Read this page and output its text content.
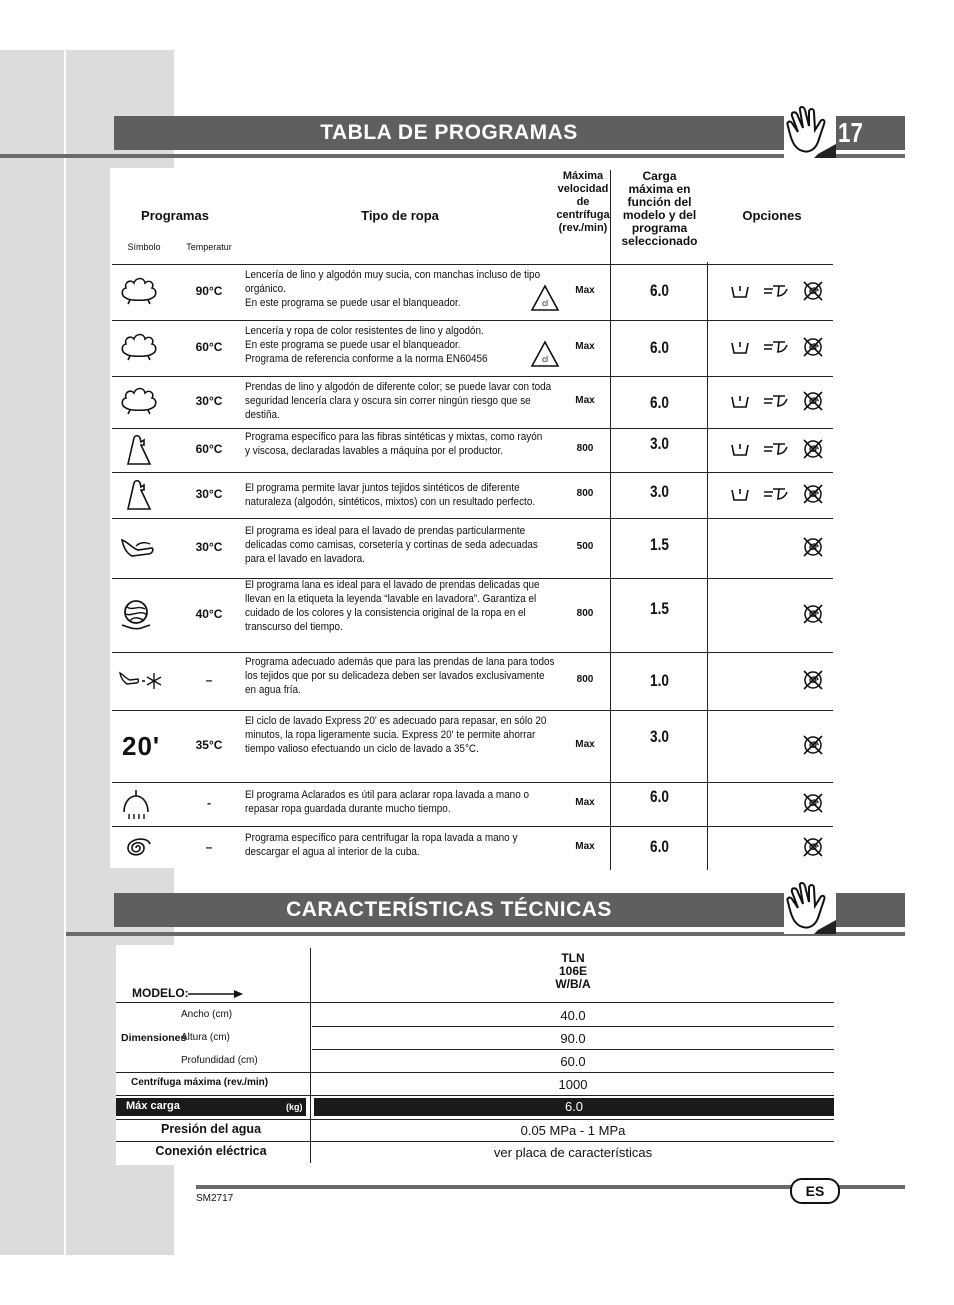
TABLA DE PROGRAMAS	17
Programas
Símbolo	Temperatur
Tipo de ropa
Máxima
velocidad
de
centrífuga
(rev./min)
Carga
máxima en
función del
modelo y del
programa
seleccionado
Opciones
90°C
Lencería de lino y algodón muy sucia, con manchas incluso de tipo
orgánico.
En este programa se puede usar el blanqueador.	cl
Max	6.0
60°C
Lencería y ropa de color resistentes de lino y algodón.
En este programa se puede usar el blanqueador.
Programa de referencia conforme a la norma EN60456	cl
Max	6.0
30°C
Prendas de lino y algodón de diferente color; se puede lavar con toda
seguridad lencería clara y oscura sin correr ningún riesgo que se
destiña.
Max	6.0
60°C
Programa específico para las fibras sintéticas y mixtas, como rayón
y viscosa, declaradas lavables a máquina por el productor.	800	3.0
30°C	El programa permite lavar juntos tejidos sintéticos de diferente
naturaleza (algodón, sintéticos, mixtos) con un resultado perfecto.
800	3.0
30°C
El programa es ideal para el lavado de prendas particularmente
delicadas como camisas, corsetería y cortinas de seda adecuadas
para el lavado en lavadora.
500	1.5
40°C
El programa lana es ideal para el lavado de prendas delicadas que
llevan en la etiqueta la leyenda “lavable en lavadora”. Garantiza el
cuidado de los colores y la consistencia original de la ropa en el
transcurso del tiempo.
800	1.5
–
Programa adecuado además que para las prendas de lana para todos
los tejidos que por su delicadeza deben ser lavados exclusivamente
en agua fría.
800	1.0
20'	35°C
El ciclo de lavado Express 20' es adecuado para repasar, en sólo 20
minutos, la ropa ligeramente sucia. Express 20' te permite ahorrar
tiempo valioso efectuando un ciclo de lavado a 35°C.	Max	3.0
-
El programa Aclarados es útil para aclarar ropa lavada a mano o
repasar ropa guardada durante mucho tiempo.
Max	6.0
–
Programa específico para centrifugar la ropa lavada a mano y
descargar el agua al interior de la cuba.	Max	6.0
CARACTERÍSTICAS TÉCNICAS
MODELO:
TLN
106E
W/B/A
Dimensiones
Ancho (cm)	40.0
Altura (cm)	90.0
Profundidad (cm)	60.0
Centrífuga máxima (rev./min)	1000
Máx carga	(kg)	6.0
Presión del agua	0.05 MPa - 1 MPa
Conexión eléctrica	ver placa de características
ES
SM2717
